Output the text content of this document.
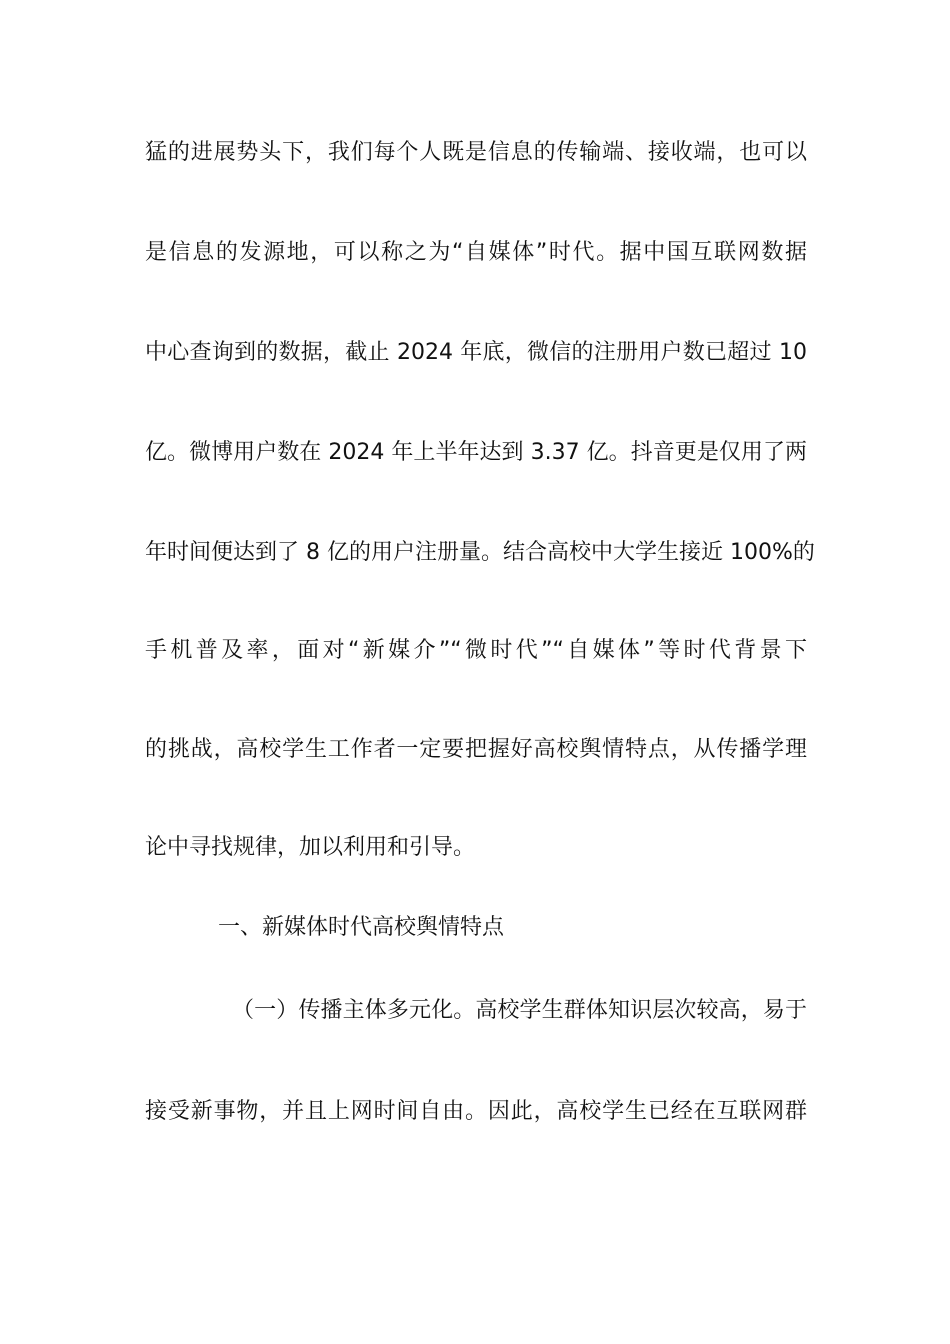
猛的进展势头下，我们每个人既是信息的传输端、接收端，也可以
是信息的发源地，可以称之为“自媒体”时代。据中国互联网数据
中心查询到的数据，截止 2024 年底，微信的注册用户数已超过 10
亿。微博用户数在 2024 年上半年达到 3.37 亿。抖音更是仅用了两
年时间便达到了 8 亿的用户注册量。结合高校中大学生接近 100%的
手机普及率，面对“新媒介”“微时代”“自媒体”等时代背景下
的挑战，高校学生工作者一定要把握好高校舆情特点，从传播学理
论中寻找规律，加以利用和引导。
一、新媒体时代高校舆情特点
（一）传播主体多元化。高校学生群体知识层次较高，易于
接受新事物，并且上网时间自由。因此，高校学生已经在互联网群
